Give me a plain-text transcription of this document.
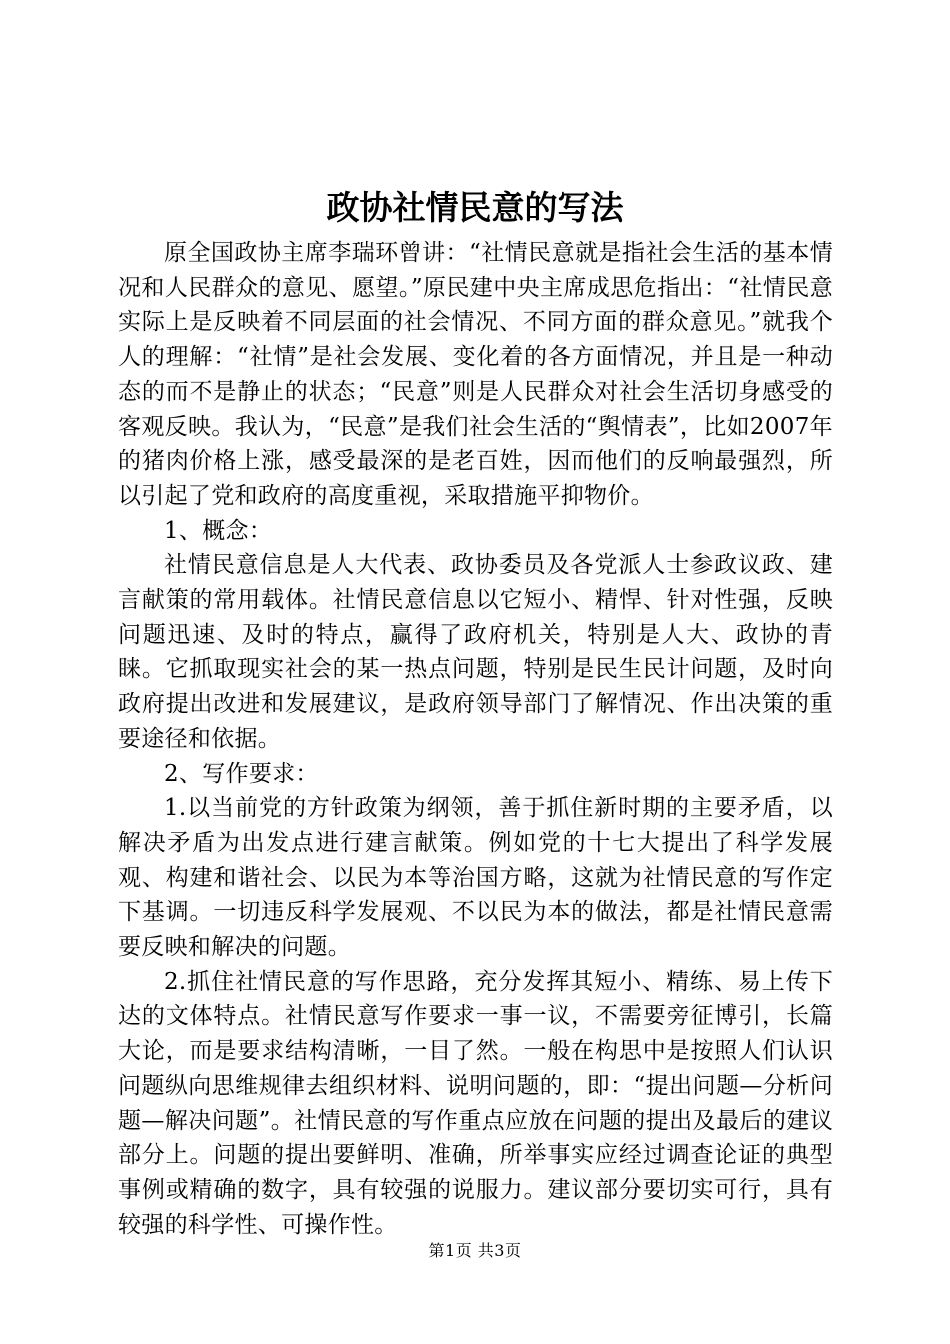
政协社情民意的写法

原全国政协主席李瑞环曾讲：“社情民意就是指社会生活的基本情况和人民群众的意见、愿望。”原民建中央主席成思危指出：“社情民意实际上是反映着不同层面的社会情况、不同方面的群众意见。”就我个人的理解：“社情”是社会发展、变化着的各方面情况，并且是一种动态的而不是静止的状态；“民意”则是人民群众对社会生活切身感受的客观反映。我认为，“民意”是我们社会生活的“舆情表”，比如2007年的猪肉价格上涨，感受最深的是老百姓，因而他们的反响最强烈，所以引起了党和政府的高度重视，采取措施平抑物价。

1、概念：

社情民意信息是人大代表、政协委员及各党派人士参政议政、建言献策的常用载体。社情民意信息以它短小、精悍、针对性强，反映问题迅速、及时的特点，赢得了政府机关，特别是人大、政协的青睐。它抓取现实社会的某一热点问题，特别是民生民计问题，及时向政府提出改进和发展建议，是政府领导部门了解情况、作出决策的重要途径和依据。

2、写作要求：

1.以当前党的方针政策为纲领，善于抓住新时期的主要矛盾，以解决矛盾为出发点进行建言献策。例如党的十七大提出了科学发展观、构建和谐社会、以民为本等治国方略，这就为社情民意的写作定下基调。一切违反科学发展观、不以民为本的做法，都是社情民意需要反映和解决的问题。

2.抓住社情民意的写作思路，充分发挥其短小、精练、易上传下达的文体特点。社情民意写作要求一事一议，不需要旁征博引，长篇大论，而是要求结构清晰，一目了然。一般在构思中是按照人们认识问题纵向思维规律去组织材料、说明问题的，即：“提出问题—分析问题—解决问题”。社情民意的写作重点应放在问题的提出及最后的建议部分上。问题的提出要鲜明、准确，所举事实应经过调查论证的典型事例或精确的数字，具有较强的说服力。建议部分要切实可行，具有较强的科学性、可操作性。

第1页 共3页
